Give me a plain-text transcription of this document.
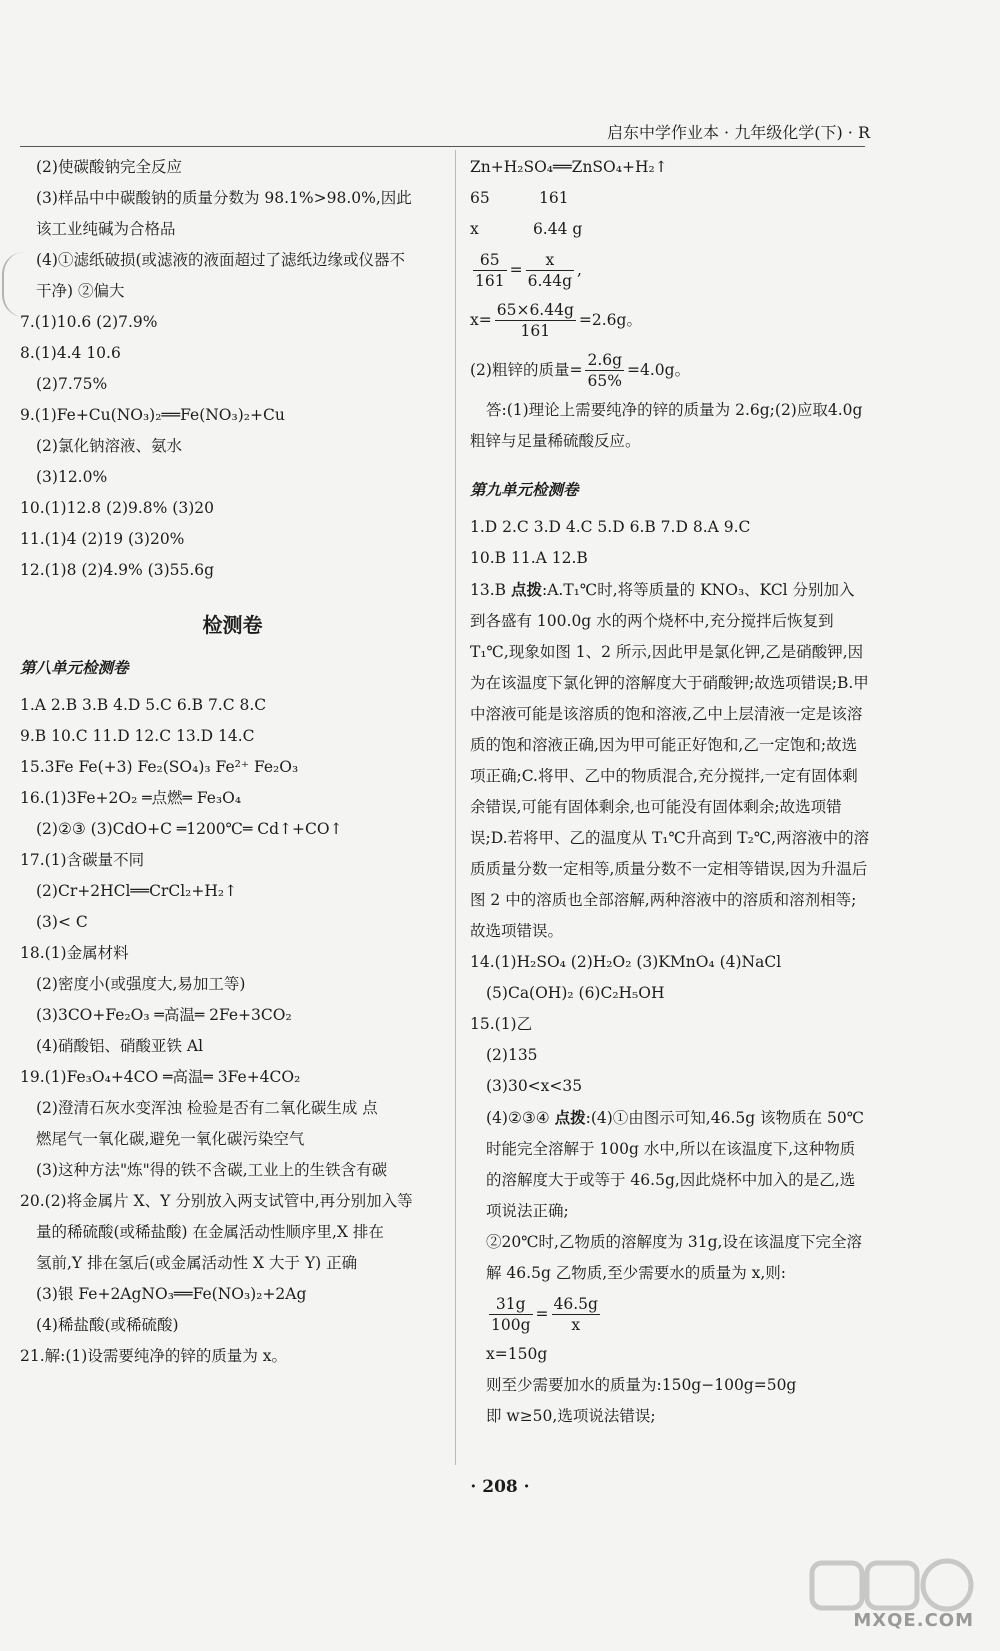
启东中学作业本 · 九年级化学(下) · R
(2)使碳酸钠完全反应
(3)样品中中碳酸钠的质量分数为 98.1%>98.0%,因此
该工业纯碱为合格品
(4)①滤纸破损(或滤液的液面超过了滤纸边缘或仪器不
干净) ②偏大
7.(1)10.6 (2)7.9%
8.(1)4.4 10.6
(2)7.75%
9.(1)Fe+Cu(NO₃)₂══Fe(NO₃)₂+Cu
(2)氯化钠溶液、氨水
(3)12.0%
10.(1)12.8 (2)9.8% (3)20
11.(1)4 (2)19 (3)20%
12.(1)8 (2)4.9% (3)55.6g
检测卷
第八单元检测卷
1.A 2.B 3.B 4.D 5.C 6.B 7.C 8.C
9.B 10.C 11.D 12.C 13.D 14.C
15.3Fe Fe(+3) Fe₂(SO₄)₃ Fe²⁺ Fe₂O₃
16.(1)3Fe+2O₂ ═点燃═ Fe₃O₄
(2)②③ (3)CdO+C ═1200℃═ Cd↑+CO↑
17.(1)含碳量不同
(2)Cr+2HCl══CrCl₂+H₂↑
(3)< C
18.(1)金属材料
(2)密度小(或强度大,易加工等)
(3)3CO+Fe₂O₃ ═高温═ 2Fe+3CO₂
(4)硝酸铝、硝酸亚铁 Al
19.(1)Fe₃O₄+4CO ═高温═ 3Fe+4CO₂
(2)澄清石灰水变浑浊 检验是否有二氧化碳生成 点
燃尾气一氧化碳,避免一氧化碳污染空气
(3)这种方法"炼"得的铁不含碳,工业上的生铁含有碳
20.(2)将金属片 X、Y 分别放入两支试管中,再分别加入等
量的稀硫酸(或稀盐酸) 在金属活动性顺序里,X 排在
氢前,Y 排在氢后(或金属活动性 X 大于 Y) 正确
(3)银 Fe+2AgNO₃══Fe(NO₃)₂+2Ag
(4)稀盐酸(或稀硫酸)
21.解:(1)设需要纯净的锌的质量为 x。
Zn+H₂SO₄══ZnSO₄+H₂↑
65          161
x           6.44 g
$\frac{65}{161} = \frac{x}{6.44g}$ ,
$x= \frac{65\times 6.44g}{161} =2.6g$。
(2)粗锌的质量= $\frac{2.6g}{65\%} =4.0g$。
答:(1)理论上需要纯净的锌的质量为 2.6g;(2)应取4.0g
粗锌与足量稀硫酸反应。
第九单元检测卷
1.D 2.C 3.D 4.C 5.D 6.B 7.D 8.A 9.C
10.B 11.A 12.B
13.B 点拨:A.T₁℃时,将等质量的 KNO₃、KCl 分别加入到各盛有 100.0g 水的两个烧杯中,充分搅拌后恢复到 T₁℃,现象如图 1、2 所示,因此甲是氯化钾,乙是硝酸钾,因为在该温度下氯化钾的溶解度大于硝酸钾;故选项错误;B.甲中溶液可能是该溶质的饱和溶液,乙中上层清液一定是该溶质的饱和溶液正确,因为甲可能正好饱和,乙一定饱和;故选项正确;C.将甲、乙中的物质混合,充分搅拌,一定有固体剩余错误,可能有固体剩余,也可能没有固体剩余;故选项错误;D.若将甲、乙的温度从 T₁℃升高到 T₂℃,两溶液中的溶质质量分数一定相等,质量分数不一定相等错误,因为升温后图 2 中的溶质也全部溶解,两种溶液中的溶质和溶剂相等;故选项错误。
14.(1)H₂SO₄ (2)H₂O₂ (3)KMnO₄ (4)NaCl
(5)Ca(OH)₂ (6)C₂H₅OH
15.(1)乙
(2)135
(3)30<x<35
(4)②③④ 点拨:(4)①由图示可知,46.5g 该物质在 50℃时能完全溶解于 100g 水中,所以在该温度下,这种物质的溶解度大于或等于 46.5g,因此烧杯中加入的是乙,选项说法正确;
②20℃时,乙物质的溶解度为 31g,设在该温度下完全溶解 46.5g 乙物质,至少需要水的质量为 x,则:
$\frac{31g}{100g} = \frac{46.5g}{x}$
x=150g
则至少需要加水的质量为:150g−100g=50g
即 w≥50,选项说法错误;
· 208 ·
MXQE.COM
